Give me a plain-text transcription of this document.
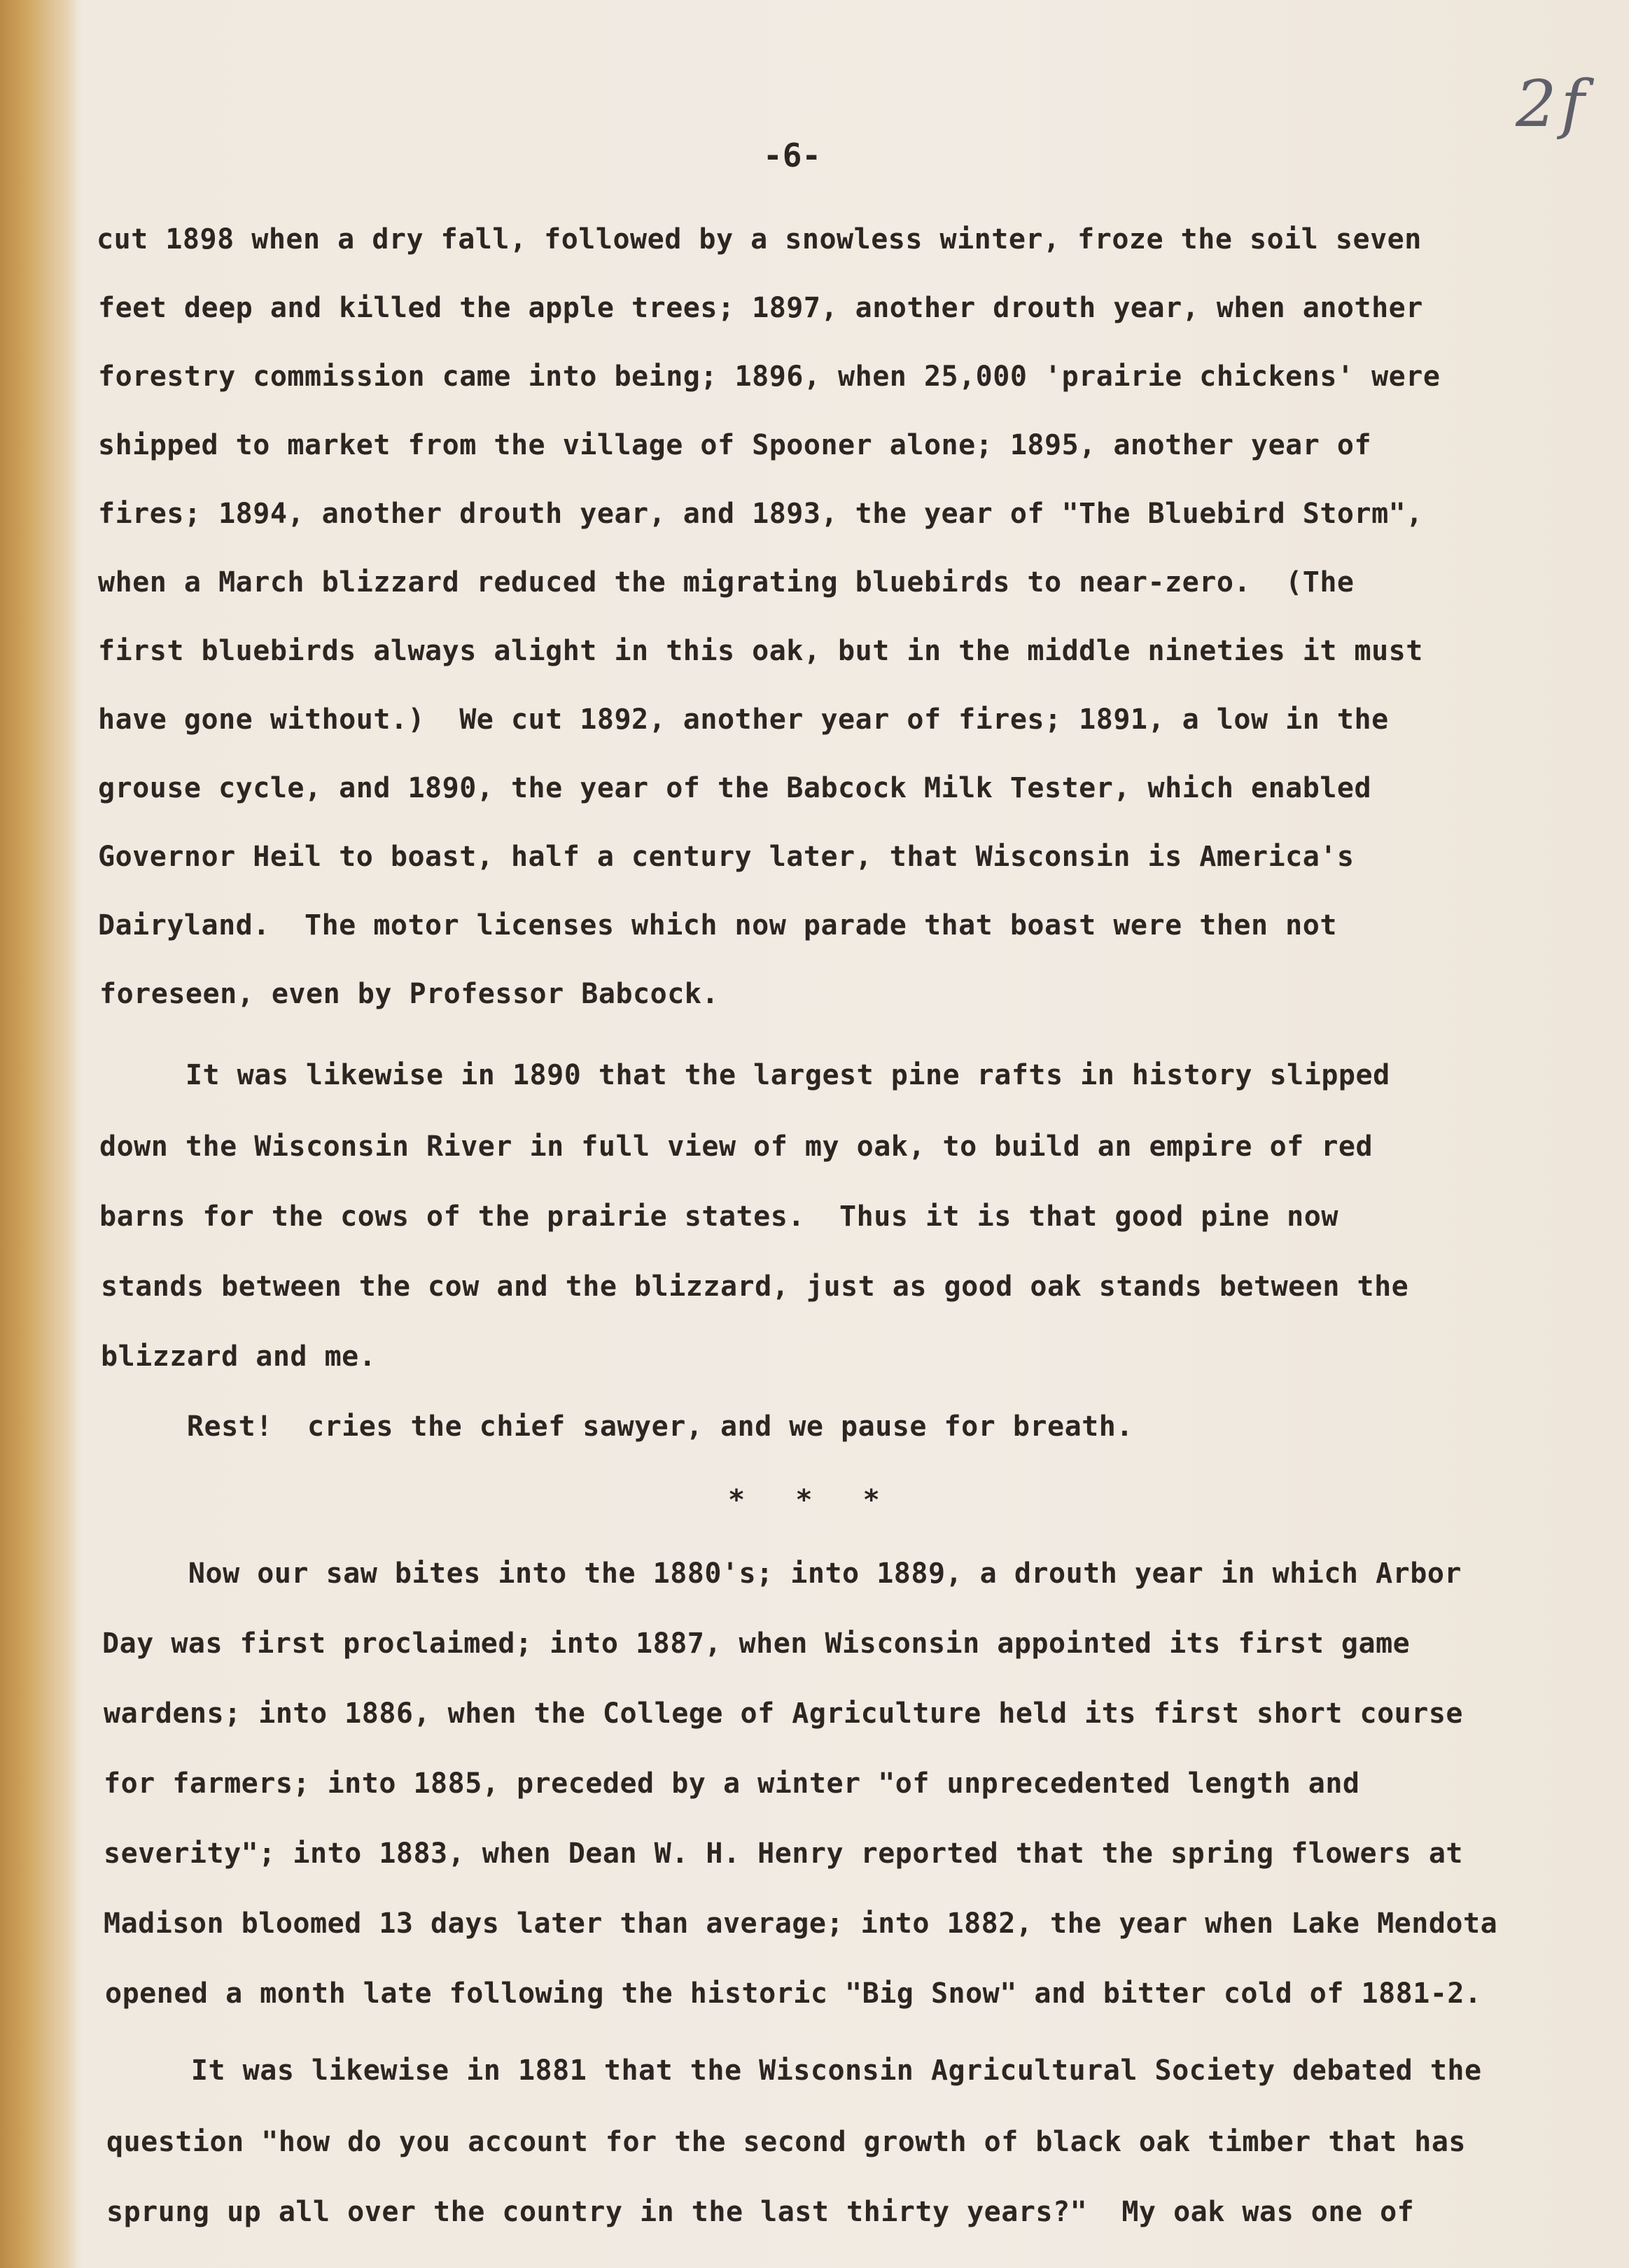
2f
-6-
cut 1898 when a dry fall, followed by a snowless winter, froze the soil seven
feet deep and killed the apple trees; 1897, another drouth year, when another
forestry commission came into being; 1896, when 25,000 'prairie chickens' were
shipped to market from the village of Spooner alone; 1895, another year of
fires; 1894, another drouth year, and 1893, the year of "The Bluebird Storm",
when a March blizzard reduced the migrating bluebirds to near-zero.  (The
first bluebirds always alight in this oak, but in the middle nineties it must
have gone without.)  We cut 1892, another year of fires; 1891, a low in the
grouse cycle, and 1890, the year of the Babcock Milk Tester, which enabled
Governor Heil to boast, half a century later, that Wisconsin is America's
Dairyland.  The motor licenses which now parade that boast were then not
foreseen, even by Professor Babcock.
It was likewise in 1890 that the largest pine rafts in history slipped
down the Wisconsin River in full view of my oak, to build an empire of red
barns for the cows of the prairie states.  Thus it is that good pine now
stands between the cow and the blizzard, just as good oak stands between the
blizzard and me.
Rest!  cries the chief sawyer, and we pause for breath.
*   *   *
Now our saw bites into the 1880's; into 1889, a drouth year in which Arbor
Day was first proclaimed; into 1887, when Wisconsin appointed its first game
wardens; into 1886, when the College of Agriculture held its first short course
for farmers; into 1885, preceded by a winter "of unprecedented length and
severity"; into 1883, when Dean W. H. Henry reported that the spring flowers at
Madison bloomed 13 days later than average; into 1882, the year when Lake Mendota
opened a month late following the historic "Big Snow" and bitter cold of 1881-2.
It was likewise in 1881 that the Wisconsin Agricultural Society debated the
question "how do you account for the second growth of black oak timber that has
sprung up all over the country in the last thirty years?"  My oak was one of
